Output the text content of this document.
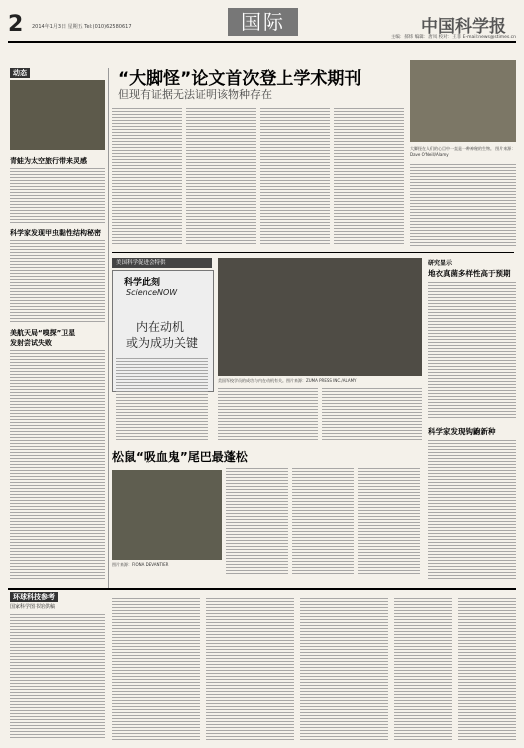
2 2014年1月3日 星期五 Tel:(010)62580617	国际	中国科学报
主编：郝炜 编辑：唐凤 校对：王菲 E-mail:news@stimes.cn
动态
青蛙为太空旅行带来灵感
科学家发现甲虫黏性结构秘密
美航天局“嗅探”卫星
发射尝试失败
“大脚怪”论文首次登上学术期刊
但现有证据无法证明该物种存在
大脚怪在人们的心目中一直是一种神秘的生物。 图片来源：Dave O'Neill/Alamy
美国科学促进会特供
科学此刻
ScienceNOW
内在动机
或为成功关键
美国军校学员的成功与内在动机有关。图片来源：ZUMA PRESS INC./ALAMY
研究显示
地衣真菌多样性高于预期
科学家发现钩鼩新种
松鼠“吸血鬼”尾巴最蓬松
图片来源：FIONA DEVANTIER
环球科技参考
国家科学图书馆供稿
